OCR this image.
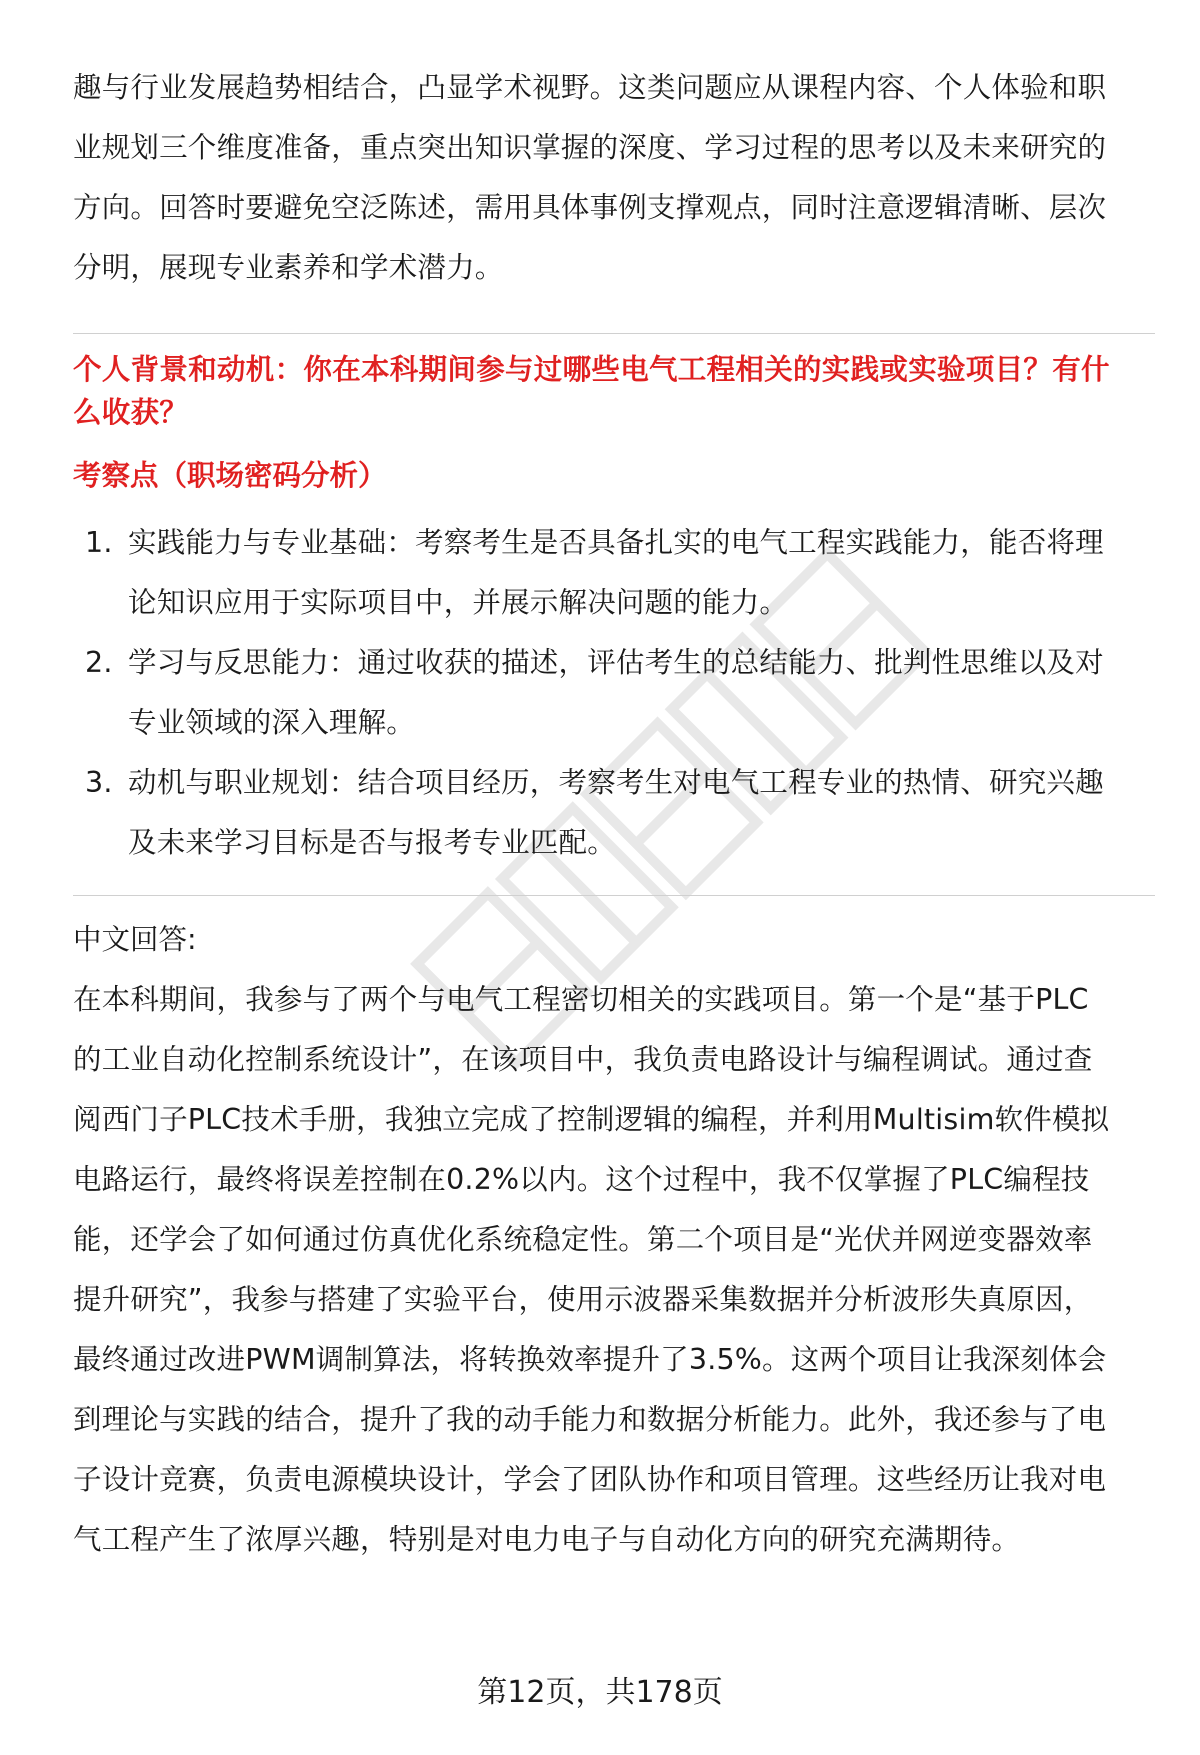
趣与行业发展趋势相结合，凸显学术视野。这类问题应从课程内容、个人体验和职

业规划三个维度准备，重点突出知识掌握的深度、学习过程的思考以及未来研究的

方向。回答时要避免空泛陈述，需用具体事例支撑观点，同时注意逻辑清晰、层次

分明，展现专业素养和学术潜力。

个人背景和动机：你在本科期间参与过哪些电气工程相关的实践或实验项目？有什

么收获？

考察点（职场密码分析）

1. 实践能力与专业基础：考察考生是否具备扎实的电气工程实践能力，能否将理
论知识应用于实际项目中，并展示解决问题的能力。
2. 学习与反思能力：通过收获的描述，评估考生的总结能力、批判性思维以及对
专业领域的深入理解。
3. 动机与职业规划：结合项目经历，考察考生对电气工程专业的热情、研究兴趣
及未来学习目标是否与报考专业匹配。

中文回答:

在本科期间，我参与了两个与电气工程密切相关的实践项目。第一个是“基于PLC

的工业自动化控制系统设计”，在该项目中，我负责电路设计与编程调试。通过查

阅西门子PLC技术手册，我独立完成了控制逻辑的编程，并利用Multisim软件模拟

电路运行，最终将误差控制在0.2%以内。这个过程中，我不仅掌握了PLC编程技

能，还学会了如何通过仿真优化系统稳定性。第二个项目是“光伏并网逆变器效率

提升研究”，我参与搭建了实验平台，使用示波器采集数据并分析波形失真原因，

最终通过改进PWM调制算法，将转换效率提升了3.5%。这两个项目让我深刻体会

到理论与实践的结合，提升了我的动手能力和数据分析能力。此外，我还参与了电

子设计竞赛，负责电源模块设计，学会了团队协作和项目管理。这些经历让我对电

气工程产生了浓厚兴趣，特别是对电力电子与自动化方向的研究充满期待。

第12页，共178页
